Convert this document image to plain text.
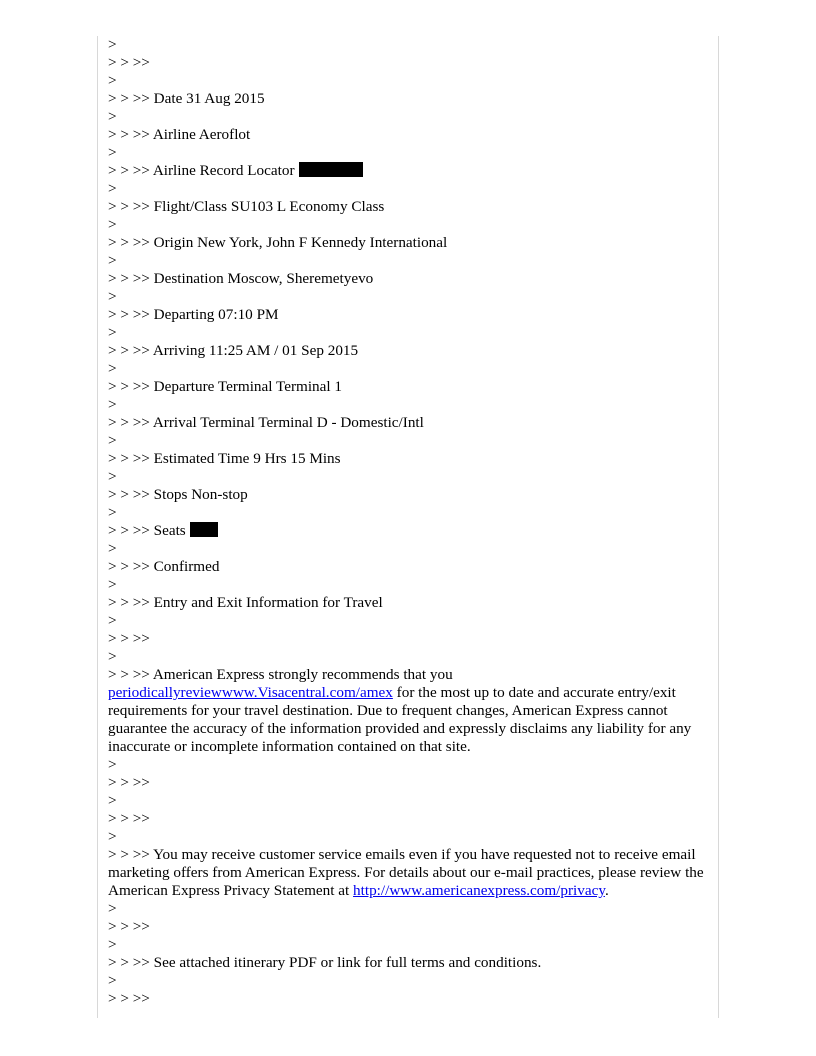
>
> > >>
>
> > >> Date 31 Aug 2015
>
> > >> Airline Aeroflot
>
> > >> Airline Record Locator
>
> > >> Flight/Class SU103 L Economy Class
>
> > >> Origin New York, John F Kennedy International
>
> > >> Destination Moscow, Sheremetyevo
>
> > >> Departing 07:10 PM
>
> > >> Arriving 11:25 AM / 01 Sep 2015
>
> > >> Departure Terminal Terminal 1
>
> > >> Arrival Terminal Terminal D - Domestic/Intl
>
> > >> Estimated Time 9 Hrs 15 Mins
>
> > >> Stops Non-stop
>
> > >> Seats
>
> > >> Confirmed
>
> > >> Entry and Exit Information for Travel
>
> > >>
>
> > >> American Express strongly recommends that you
periodicallyreviewwww.Visacentral.com/amex for the most up to date and accurate entry/exit requirements for your travel destination. Due to frequent changes, American Express cannot guarantee the accuracy of the information provided and expressly disclaims any liability for any inaccurate or incomplete information contained on that site.
>
> > >>
>
> > >>
>
> > >> You may receive customer service emails even if you have requested not to receive email marketing offers from American Express. For details about our e-mail practices, please review the American Express Privacy Statement at http://www.americanexpress.com/privacy.
>
> > >>
>
> > >> See attached itinerary PDF or link for full terms and conditions.
>
> > >>
